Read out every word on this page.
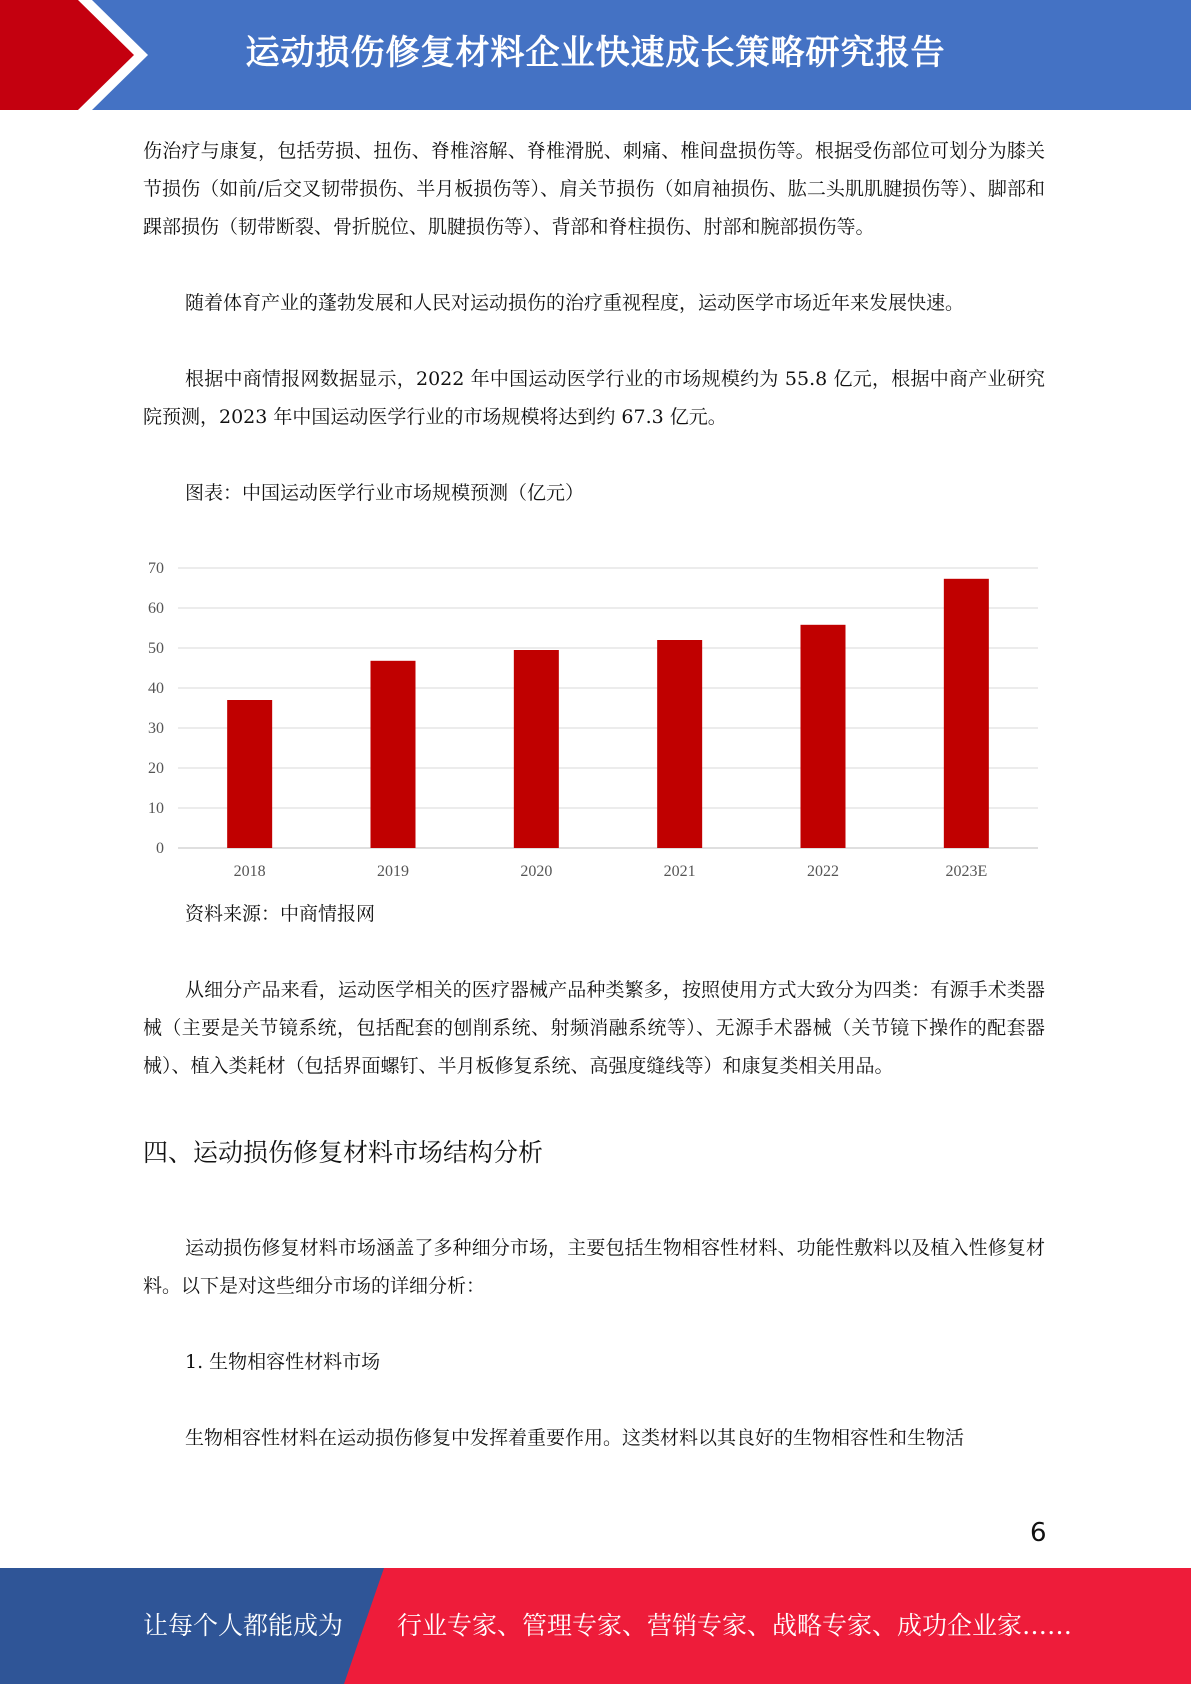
运动损伤修复材料企业快速成长策略研究报告

伤治疗与康复，包括劳损、扭伤、脊椎溶解、脊椎滑脱、刺痛、椎间盘损伤等。根据受伤部位可划分为膝关节损伤（如前/后交叉韧带损伤、半月板损伤等）、肩关节损伤（如肩袖损伤、肱二头肌肌腱损伤等）、脚部和踝部损伤（韧带断裂、骨折脱位、肌腱损伤等）、背部和脊柱损伤、肘部和腕部损伤等。

随着体育产业的蓬勃发展和人民对运动损伤的治疗重视程度，运动医学市场近年来发展快速。

根据中商情报网数据显示，2022 年中国运动医学行业的市场规模约为 55.8 亿元，根据中商产业研究院预测，2023 年中国运动医学行业的市场规模将达到约 67.3 亿元。

图表：中国运动医学行业市场规模预测（亿元）

0
10
20
30
40
50
60
70
2018	2019	2020	2021	2022	2023E

资料来源：中商情报网

从细分产品来看，运动医学相关的医疗器械产品种类繁多，按照使用方式大致分为四类：有源手术类器械（主要是关节镜系统，包括配套的刨削系统、射频消融系统等）、无源手术器械（关节镜下操作的配套器械）、植入类耗材（包括界面螺钉、半月板修复系统、高强度缝线等）和康复类相关用品。

四、运动损伤修复材料市场结构分析

运动损伤修复材料市场涵盖了多种细分市场，主要包括生物相容性材料、功能性敷料以及植入性修复材料。以下是对这些细分市场的详细分析：

1. 生物相容性材料市场

生物相容性材料在运动损伤修复中发挥着重要作用。这类材料以其良好的生物相容性和生物活

6
让每个人都能成为 行业专家、管理专家、营销专家、战略专家、成功企业家……
